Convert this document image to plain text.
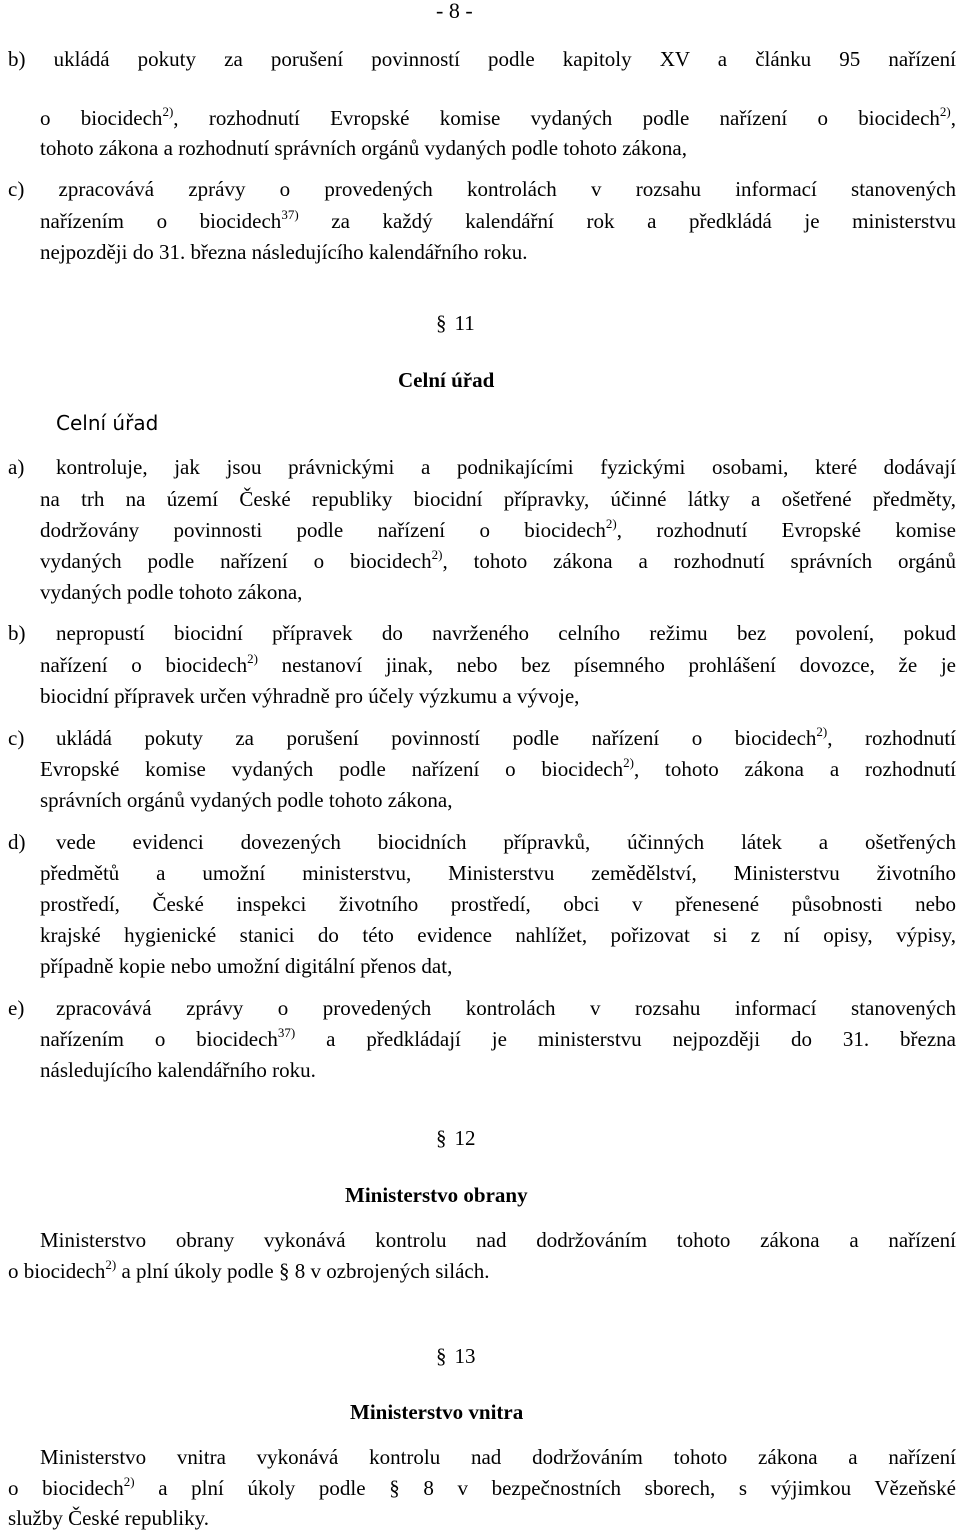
- 8 -
b) ukládá pokuty za porušení povinností podle kapitoly XV a článku 95 nařízení
o biocidech$^{2)}$, rozhodnutí Evropské komise vydaných podle nařízení o biocidech$^{2)}$,
tohoto zákona a rozhodnutí správních orgánů vydaných podle tohoto zákona,
c) zpracovává zprávy o provedených kontrolách v rozsahu informací stanovených
nařízením o biocidech$^{37)}$ za každý kalendářní rok a předkládá je ministerstvu
nejpozději do 31. března následujícího kalendářního roku.
§ 11
Celní úřad
Celní úřad
a) kontroluje, jak jsou právnickými a podnikajícími fyzickými osobami, které dodávají
na trh na území České republiky biocidní přípravky, účinné látky a ošetřené předměty,
dodržovány povinnosti podle nařízení o biocidech$^{2)}$, rozhodnutí Evropské komise
vydaných podle nařízení o biocidech$^{2)}$, tohoto zákona a rozhodnutí správních orgánů
vydaných podle tohoto zákona,
b) nepropustí biocidní přípravek do navrženého celního režimu bez povolení, pokud
nařízení o biocidech$^{2)}$ nestanoví jinak, nebo bez písemného prohlášení dovozce, že je
biocidní přípravek určen výhradně pro účely výzkumu a vývoje,
c) ukládá pokuty za porušení povinností podle nařízení o biocidech$^{2)}$, rozhodnutí
Evropské komise vydaných podle nařízení o biocidech$^{2)}$, tohoto zákona a rozhodnutí
správních orgánů vydaných podle tohoto zákona,
d) vede evidenci dovezených biocidních přípravků, účinných látek a ošetřených
předmětů a umožní ministerstvu, Ministerstvu zemědělství, Ministerstvu životního
prostředí, České inspekci životního prostředí, obci v přenesené působnosti nebo
krajské hygienické stanici do této evidence nahlížet, pořizovat si z ní opisy, výpisy,
případně kopie nebo umožní digitální přenos dat,
e) zpracovává zprávy o provedených kontrolách v rozsahu informací stanovených
nařízením o biocidech$^{37)}$ a předkládají je ministerstvu nejpozději do 31. března
následujícího kalendářního roku.
§ 12
Ministerstvo obrany
Ministerstvo obrany vykonává kontrolu nad dodržováním tohoto zákona a nařízení
o biocidech$^{2)}$ a plní úkoly podle § 8 v ozbrojených silách.
§ 13
Ministerstvo vnitra
Ministerstvo vnitra vykonává kontrolu nad dodržováním tohoto zákona a nařízení
o biocidech$^{2)}$ a plní úkoly podle § 8 v bezpečnostních sborech, s výjimkou Vězeňské
služby České republiky.
